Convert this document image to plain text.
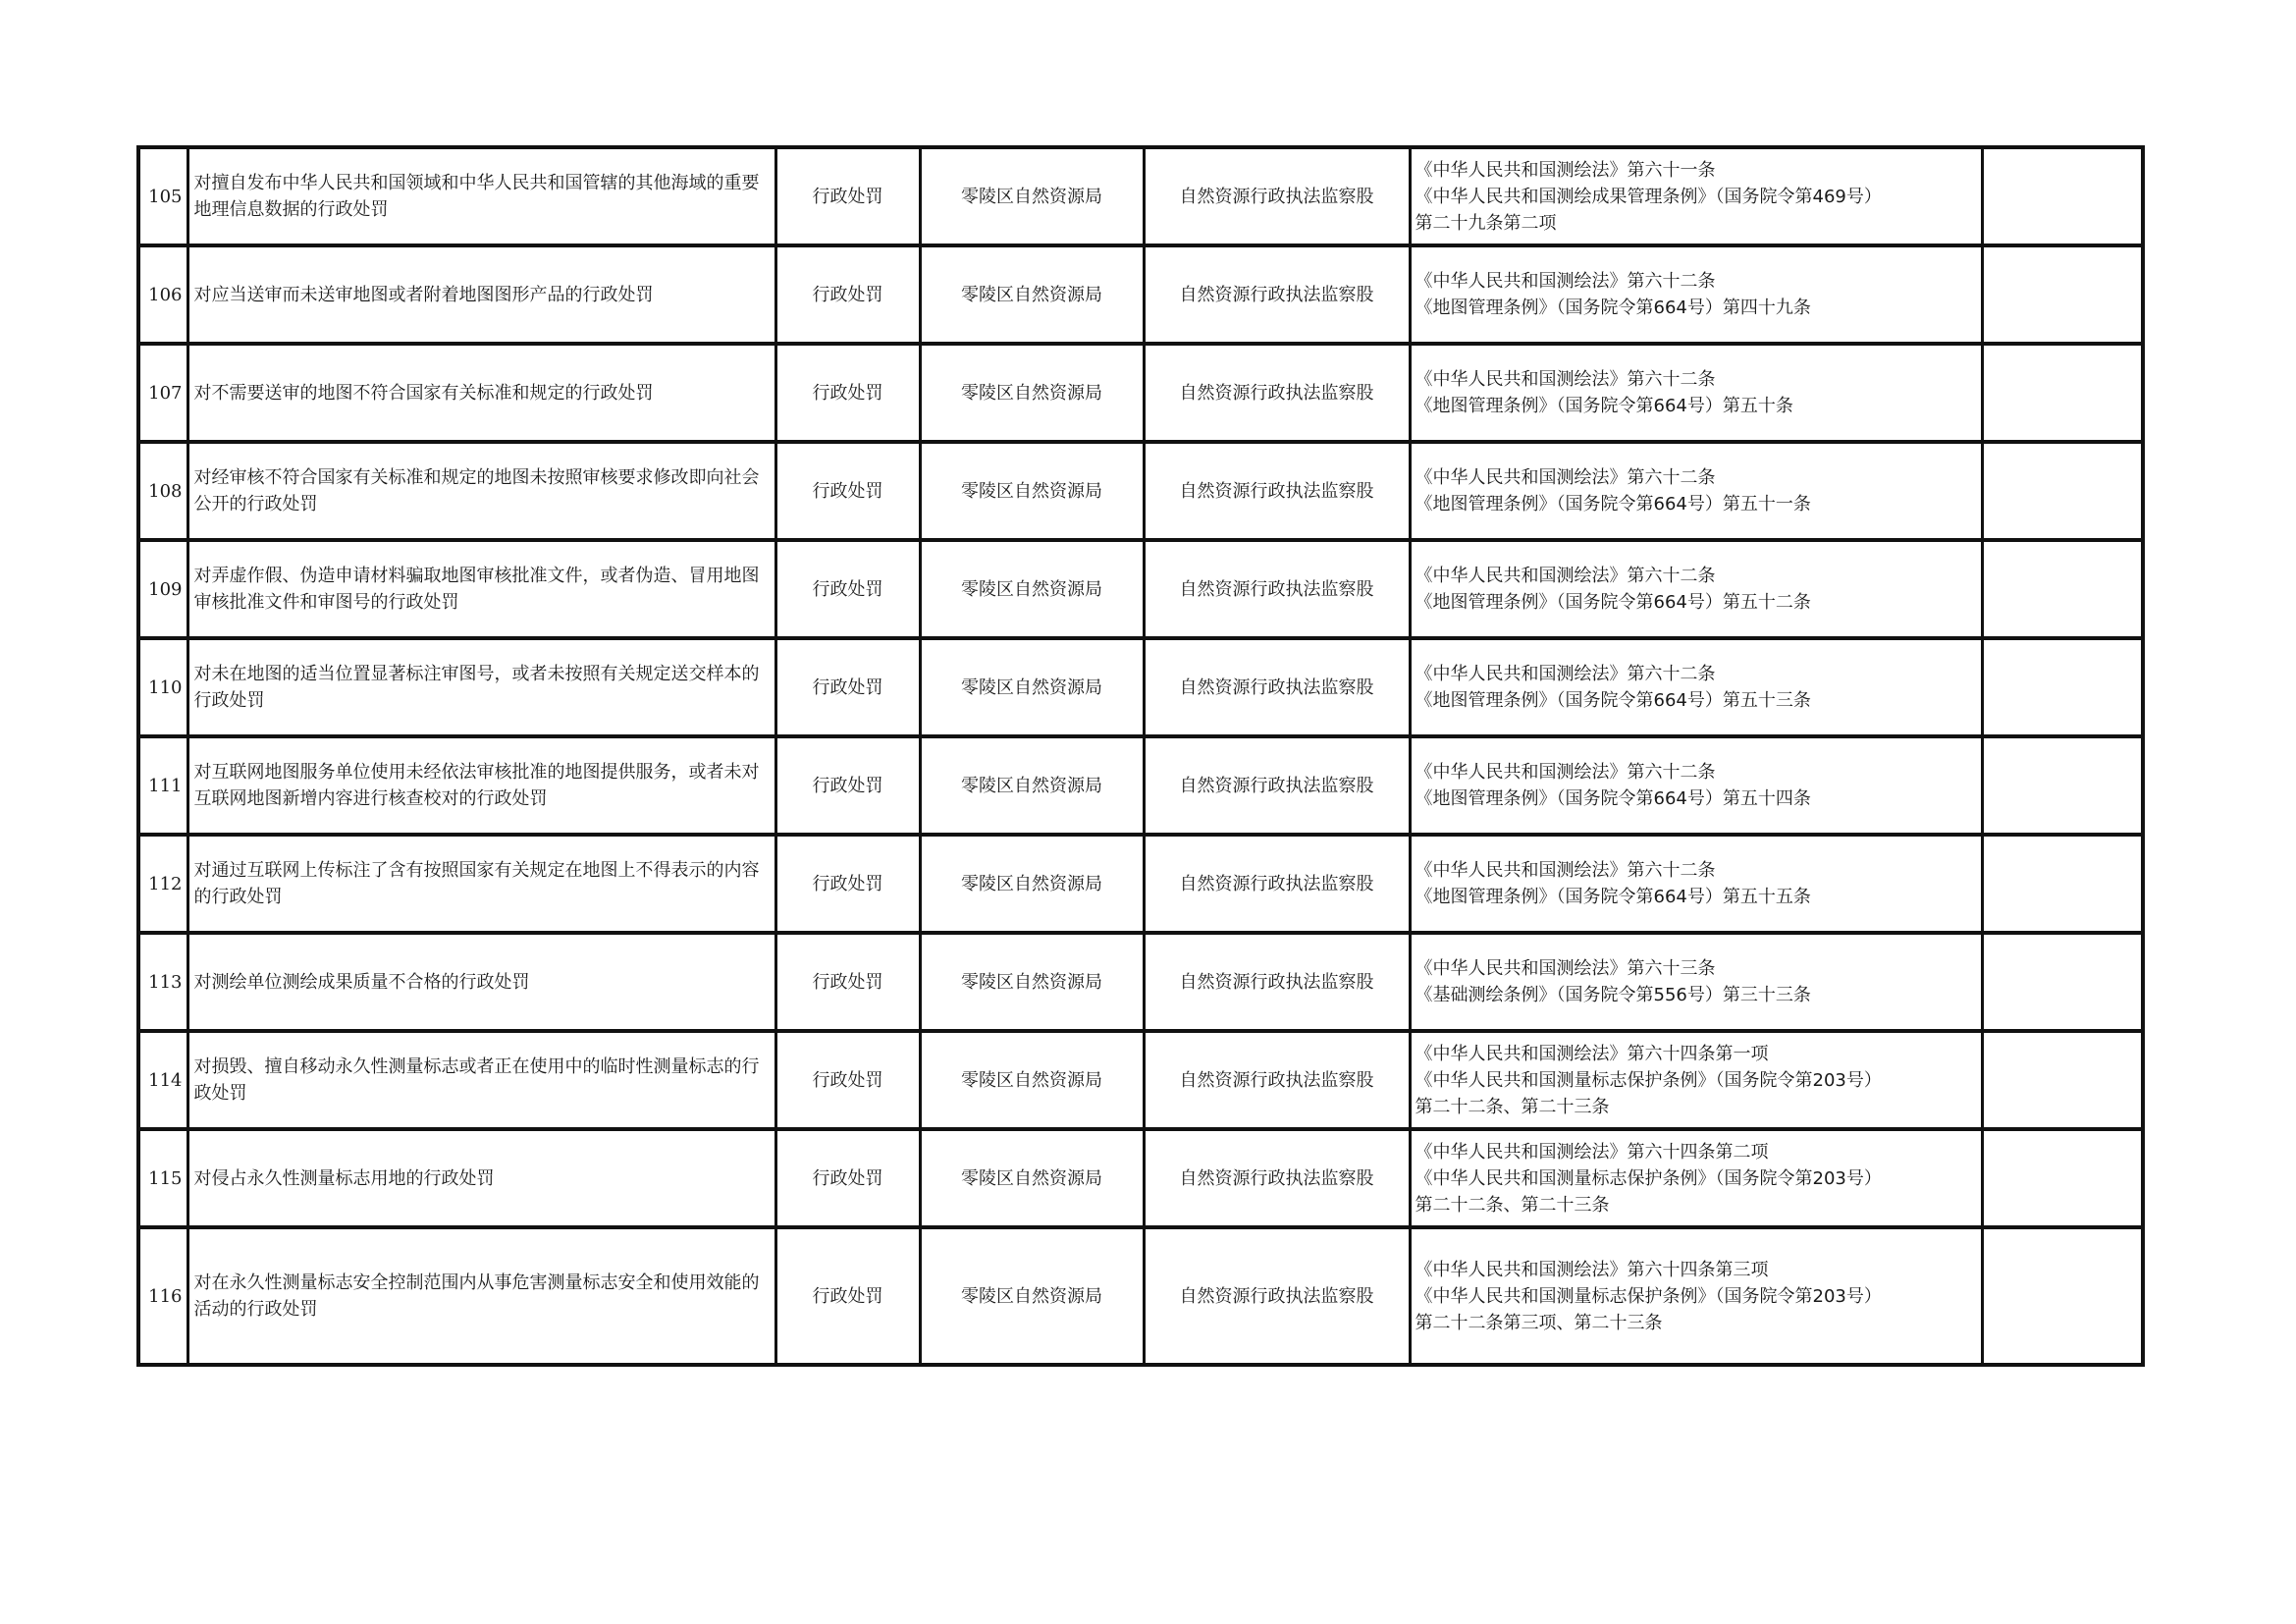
105	对擅自发布中华人民共和国领域和中华人民共和国管辖的其他海域的重要地理信息数据的行政处罚	行政处罚	零陵区自然资源局	自然资源行政执法监察股	《中华人民共和国测绘法》第六十一条
《中华人民共和国测绘成果管理条例》（国务院令第469号）
第二十九条第二项	

106	对应当送审而未送审地图或者附着地图图形产品的行政处罚	行政处罚	零陵区自然资源局	自然资源行政执法监察股	《中华人民共和国测绘法》第六十二条
《地图管理条例》（国务院令第664号）第四十九条	

107	对不需要送审的地图不符合国家有关标准和规定的行政处罚	行政处罚	零陵区自然资源局	自然资源行政执法监察股	《中华人民共和国测绘法》第六十二条
《地图管理条例》（国务院令第664号）第五十条	

108	对经审核不符合国家有关标准和规定的地图未按照审核要求修改即向社会公开的行政处罚	行政处罚	零陵区自然资源局	自然资源行政执法监察股	《中华人民共和国测绘法》第六十二条
《地图管理条例》（国务院令第664号）第五十一条	

109	对弄虚作假、伪造申请材料骗取地图审核批准文件，或者伪造、冒用地图审核批准文件和审图号的行政处罚	行政处罚	零陵区自然资源局	自然资源行政执法监察股	《中华人民共和国测绘法》第六十二条
《地图管理条例》（国务院令第664号）第五十二条	

110	对未在地图的适当位置显著标注审图号，或者未按照有关规定送交样本的行政处罚	行政处罚	零陵区自然资源局	自然资源行政执法监察股	《中华人民共和国测绘法》第六十二条
《地图管理条例》（国务院令第664号）第五十三条	

111	对互联网地图服务单位使用未经依法审核批准的地图提供服务，或者未对互联网地图新增内容进行核查校对的行政处罚	行政处罚	零陵区自然资源局	自然资源行政执法监察股	《中华人民共和国测绘法》第六十二条
《地图管理条例》（国务院令第664号）第五十四条	

112	对通过互联网上传标注了含有按照国家有关规定在地图上不得表示的内容的行政处罚	行政处罚	零陵区自然资源局	自然资源行政执法监察股	《中华人民共和国测绘法》第六十二条
《地图管理条例》（国务院令第664号）第五十五条	

113	对测绘单位测绘成果质量不合格的行政处罚	行政处罚	零陵区自然资源局	自然资源行政执法监察股	《中华人民共和国测绘法》第六十三条
《基础测绘条例》（国务院令第556号）第三十三条	

114	对损毁、擅自移动永久性测量标志或者正在使用中的临时性测量标志的行政处罚	行政处罚	零陵区自然资源局	自然资源行政执法监察股	《中华人民共和国测绘法》第六十四条第一项
《中华人民共和国测量标志保护条例》（国务院令第203号）
第二十二条、第二十三条	

115	对侵占永久性测量标志用地的行政处罚	行政处罚	零陵区自然资源局	自然资源行政执法监察股	《中华人民共和国测绘法》第六十四条第二项
《中华人民共和国测量标志保护条例》（国务院令第203号）
第二十二条、第二十三条	

116	对在永久性测量标志安全控制范围内从事危害测量标志安全和使用效能的活动的行政处罚	行政处罚	零陵区自然资源局	自然资源行政执法监察股	《中华人民共和国测绘法》第六十四条第三项
《中华人民共和国测量标志保护条例》（国务院令第203号）
第二十二条第三项、第二十三条	
